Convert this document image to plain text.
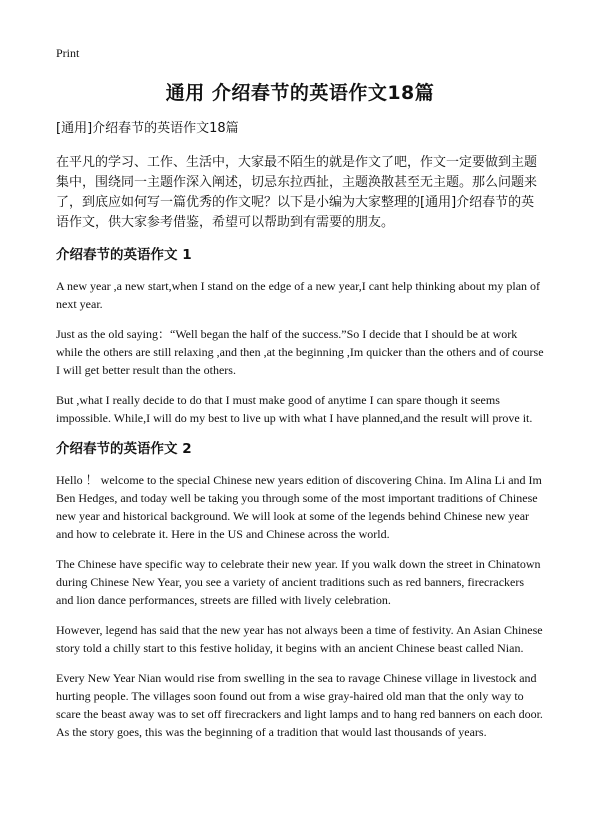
Print
通用 介绍春节的英语作文18篇
[通用]介绍春节的英语作文18篇
在平凡的学习、工作、生活中，大家最不陌生的就是作文了吧，作文一定要做到主题集中，围绕同一主题作深入阐述，切忌东拉西扯，主题涣散甚至无主题。那么问题来了，到底应如何写一篇优秀的作文呢？以下是小编为大家整理的[通用]介绍春节的英语作文，供大家参考借鉴，希望可以帮助到有需要的朋友。
介绍春节的英语作文 1

A new year ,a new start,when I stand on the edge of a new year,I cant help thinking about my plan of next year.

Just as the old saying：“Well began the half of the success.”So I decide that I should be at work while the others are still relaxing ,and then ,at the beginning ,Im quicker than the others and of course I will get better result than the others.

But ,what I really decide to do that I must make good of anytime I can spare though it seems impossible. While,I will do my best to live up with what I have planned,and the result will prove it.

介绍春节的英语作文 2

Hello ！ welcome to the special Chinese new years edition of discovering China. Im Alina Li and Im Ben Hedges, and today well be taking you through some of the most important traditions of Chinese new year and historical background. We will look at some of the legends behind Chinese new year and how to celebrate it. Here in the US and Chinese across the world.

The Chinese have specific way to celebrate their new year. If you walk down the street in Chinatown during Chinese New Year, you see a variety of ancient traditions such as red banners, firecrackers and lion dance performances, streets are filled with lively celebration.

However, legend has said that the new year has not always been a time of festivity. An Asian Chinese story told a chilly start to this festive holiday, it begins with an ancient Chinese beast called Nian.

Every New Year Nian would rise from swelling in the sea to ravage Chinese village in livestock and hurting people. The villages soon found out from a wise gray-haired old man that the only way to scare the beast away was to set off firecrackers and light lamps and to hang red banners on each door. As the story goes, this was the beginning of a tradition that would last thousands of years.
